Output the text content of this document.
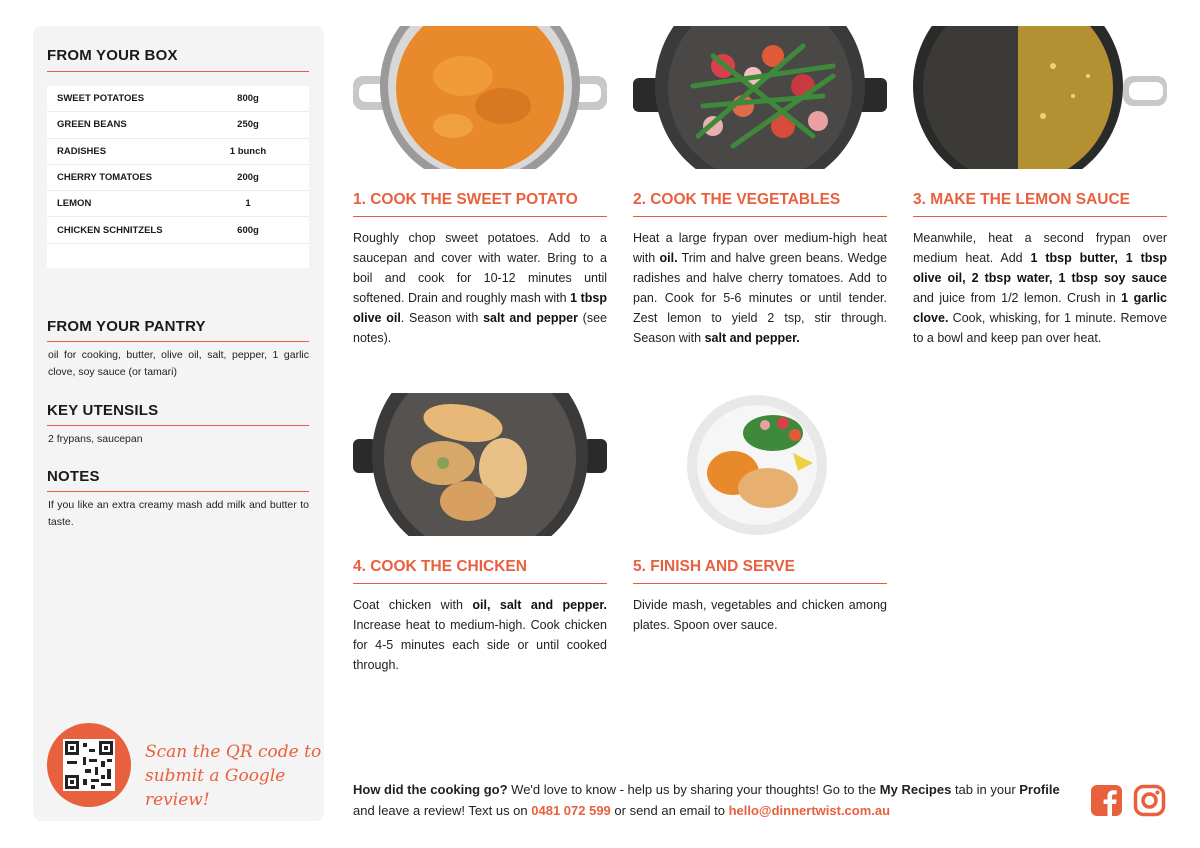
FROM YOUR BOX
SWEET POTATOES	800g
GREEN BEANS	250g
RADISHES	1 bunch
CHERRY TOMATOES	200g
LEMON	1
CHICKEN SCHNITZELS	600g
FROM YOUR PANTRY
oil for cooking, butter, olive oil, salt, pepper, 1 garlic clove, soy sauce (or tamari)
KEY UTENSILS
2 frypans, saucepan
NOTES
If you like an extra creamy mash add milk and butter to taste.
Scan the QR code to
submit a Google review!
1. COOK THE SWEET POTATO
Roughly chop sweet potatoes. Add to a saucepan and cover with water. Bring to a boil and cook for 10-12 minutes until softened. Drain and roughly mash with 1 tbsp olive oil. Season with salt and pepper (see notes).
2. COOK THE VEGETABLES
Heat a large frypan over medium-high heat with oil. Trim and halve green beans. Wedge radishes and halve cherry tomatoes. Add to pan. Cook for 5-6 minutes or until tender. Zest lemon to yield 2 tsp, stir through. Season with salt and pepper.
3. MAKE THE LEMON SAUCE
Meanwhile, heat a second frypan over medium heat. Add 1 tbsp butter, 1 tbsp olive oil, 2 tbsp water, 1 tbsp soy sauce and juice from 1/2 lemon. Crush in 1 garlic clove. Cook, whisking, for 1 minute. Remove to a bowl and keep pan over heat.
4. COOK THE CHICKEN
Coat chicken with oil, salt and pepper. Increase heat to medium-high. Cook chicken for 4-5 minutes each side or until cooked through.
5. FINISH AND SERVE
Divide mash, vegetables and chicken among plates. Spoon over sauce.
How did the cooking go? We'd love to know - help us by sharing your thoughts! Go to the My Recipes tab in your Profile and leave a review! Text us on 0481 072 599 or send an email to hello@dinnertwist.com.au
